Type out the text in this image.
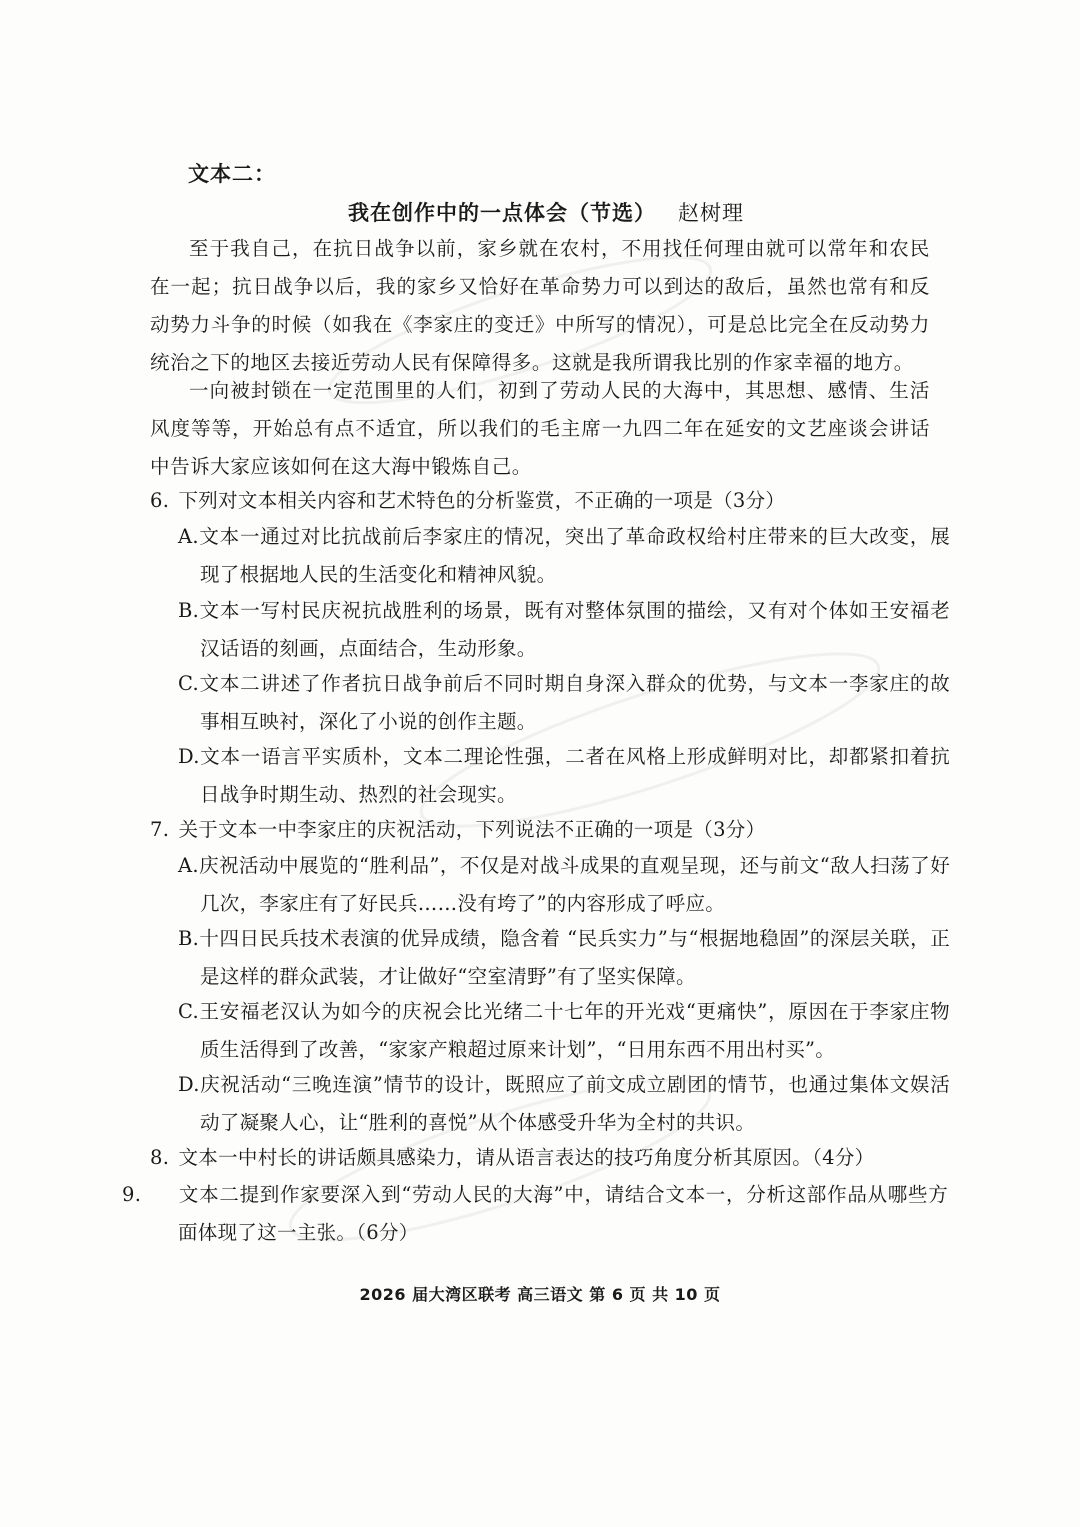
文本二：
我在创作中的一点体会（节选） 赵树理

至于我自己，在抗日战争以前，家乡就在农村，不用找任何理由就可以常年和农民在一起；抗日战争以后，我的家乡又恰好在革命势力可以到达的敌后，虽然也常有和反动势力斗争的时候（如我在《李家庄的变迁》中所写的情况），可是总比完全在反动势力统治之下的地区去接近劳动人民有保障得多。这就是我所谓我比别的作家幸福的地方。

一向被封锁在一定范围里的人们，初到了劳动人民的大海中，其思想、感情、生活风度等等，开始总有点不适宜，所以我们的毛主席一九四二年在延安的文艺座谈会讲话中告诉大家应该如何在这大海中锻炼自己。

6. 下列对文本相关内容和艺术特色的分析鉴赏，不正确的一项是（3分）
A.文本一通过对比抗战前后李家庄的情况，突出了革命政权给村庄带来的巨大改变，展现了根据地人民的生活变化和精神风貌。
B.文本一写村民庆祝抗战胜利的场景，既有对整体氛围的描绘，又有对个体如王安福老汉话语的刻画，点面结合，生动形象。
C.文本二讲述了作者抗日战争前后不同时期自身深入群众的优势，与文本一李家庄的故事相互映衬，深化了小说的创作主题。
D.文本一语言平实质朴，文本二理论性强，二者在风格上形成鲜明对比，却都紧扣着抗日战争时期生动、热烈的社会现实。
7. 关于文本一中李家庄的庆祝活动，下列说法不正确的一项是（3分）
A.庆祝活动中展览的“胜利品”，不仅是对战斗成果的直观呈现，还与前文“敌人扫荡了好几次，李家庄有了好民兵……没有垮了”的内容形成了呼应。
B.十四日民兵技术表演的优异成绩，隐含着 “民兵实力”与“根据地稳固”的深层关联，正是这样的群众武装，才让做好“空室清野”有了坚实保障。
C.王安福老汉认为如今的庆祝会比光绪二十七年的开光戏“更痛快”，原因在于李家庄物质生活得到了改善，“家家产粮超过原来计划”，“日用东西不用出村买”。
D.庆祝活动“三晚连演”情节的设计，既照应了前文成立剧团的情节，也通过集体文娱活动了凝聚人心，让“胜利的喜悦”从个体感受升华为全村的共识。
8. 文本一中村长的讲话颇具感染力，请从语言表达的技巧角度分析其原因。（4分）
9. 文本二提到作家要深入到“劳动人民的大海”中，请结合文本一，分析这部作品从哪些方面体现了这一主张。（6分）
2026 届大湾区联考 高三语文 第 6 页 共 10 页
